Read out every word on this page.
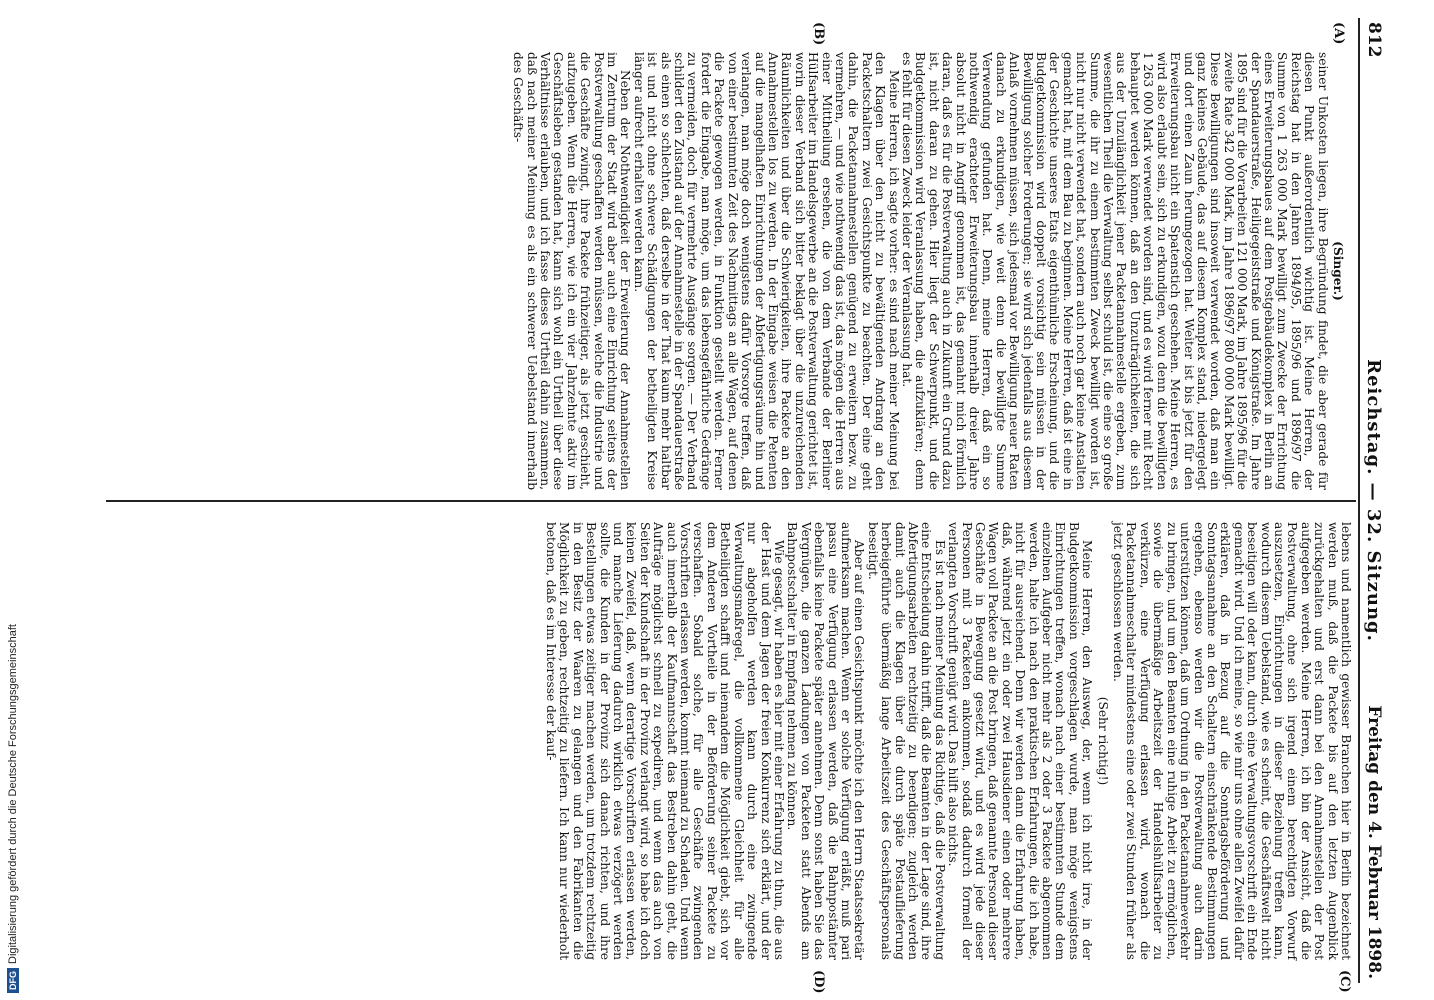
812
Reichstag. — 32. Sitzung.
Freitag den 4. Februar 1898.
(A)
(B)
(C)
(D)

(Singer.)

seiner Unkosten liegen, ihre Begründung findet, die aber gerade für diesen Punkt außerordentlich wichtig ist. Meine Herren, der Reichstag hat in den Jahren 1894/95, 1895/96 und 1896/97 die Summe von 1 263 000 Mark bewilligt zum Zwecke der Errichtung eines Erweiterungsbaues auf dem Postgebäudekomplex in Berlin an der Spandauerstraße, Heiligegeiststraße und Königstraße. Im Jahre 1895 sind für die Vorarbeiten 121 000 Mark, im Jahre 1895/96 für die zweite Rate 342 000 Mark, im Jahre 1896/97 800 000 Mark bewilligt. Diese Bewilligungen sind insoweit verwendet worden, daß man ein ganz kleines Gebäude, das auf diesem Komplex stand, niedergelegt und dort einen Zaun herumgezogen hat. Weiter ist bis jetzt für den Erweiterungsbau nicht ein Spatenstich geschehen. Meine Herren, es wird also erlaubt sein, sich zu erkundigen, wozu denn die bewilligten 1 263 000 Mark verwendet worden sind, und es wird ferner mit Recht behauptet werden können, daß an den Unzuträglichkeiten, die sich aus der Unzulänglichkeit jener Packetannahmestelle ergeben, zum wesentlichen Theil die Verwaltung selbst schuld ist, die eine so große Summe, die ihr zu einem bestimmten Zweck bewilligt worden ist, nicht nur nicht verwendet hat, sondern auch noch gar keine Anstalten gemacht hat, mit dem Bau zu beginnen. Meine Herren, daß ist eine in der Geschichte unseres Etats eigenthümliche Erscheinung, und die Budgetkommission wird doppelt vorsichtig sein müssen in der Bewilligung solcher Forderungen; sie wird sich jedenfalls aus diesem Anlaß vornehmen müssen, sich jedesmal vor Bewilligung neuer Raten danach zu erkundigen, wie weit denn die bewilligte Summe Verwendung gefunden hat. Denn, meine Herren, daß ein so nothwendig erachteter Erweiterungsbau innerhalb dreier Jahre absolut nicht in Angriff genommen ist, das gemahnt mich förmlich daran, daß es für die Postverwaltung auch in Zukunft ein Grund dazu ist, nicht daran zu gehen. Hier liegt der Schwerpunkt, und die Budgetkommission wird Veranlassung haben, die aufzuklären; denn es fehlt für diesen Zweck leider der Veranlassung hat.

Meine Herren, ich sagte vorher: es sind nach meiner Meinung bei den Klagen über den nicht zu bewältigenden Andrang an den Packetschaltern zwei Gesichtspunkte zu beachten. Der eine geht dahin, die Packetannahmestellen genügend zu erweitern bezw. zu vermehren, — und wie nothwendig das ist, das mögen die Herren aus einer Mittheilung ersehen, die von dem Verbande der Berliner Hülfsarbeiter im Handelsgewerbe an die Postverwaltung gerichtet ist, worin dieser Verband sich bitter beklagt über die unzureichenden Räumlichkeiten und über die Schwierigkeiten, ihre Packete an den Annahmestellen los zu werden. In der Eingabe weisen die Petenten auf die mangelhaften Einrichtungen der Abfertigungsräume hin und verlangen, man möge doch wenigstens dafür Vorsorge treffen, daß von einer bestimmten Zeit des Nachmittags an alle Wagen, auf denen die Packete gewogen werden, in Funktion gestellt werden. Ferner fordert die Eingabe, man möge, um das lebensgefährliche Gedränge zu vermeiden, doch für vermehrte Ausgänge sorgen. — Der Verband schildert den Zustand auf der Annahmestelle in der Spandauerstraße als einen so schlechten, daß derselbe in der That kaum mehr haltbar ist und nicht ohne schwere Schädigungen der betheiligten Kreise länger aufrecht erhalten werden kann.

Neben der Nothwendigkeit der Erweiterung der Annahmestellen im Zentrum der Stadt wird aber auch eine Einrichtung seitens der Postverwaltung geschaffen werden müssen, welche die Industrie und die Geschäfte zwingt, ihre Packete frühzeitiger, als jetzt geschieht, aufzugeben. Wenn die Herren, wie ich ein vier Jahrzehnte aktiv im Geschäftsleben gestanden hat, kann sich wohl ein Urtheil über diese Verhältnisse erlauben, und ich fasse dieses Urtheil dahin zusammen, daß nach meiner Meinung es als ein schwerer Uebelstand innerhalb des Geschäfts-

lebens und namentlich gewisser Branchen hier in Berlin bezeichnet werden muß, daß die Packete bis auf den letzten Augenblick zurückgehalten und erst dann bei den Annahmestellen der Post aufgegeben werden. Meine Herren, ich bin der Ansicht, daß die Postverwaltung, ohne sich irgend einem berechtigten Vorwurf auszusetzen, Einrichtungen in dieser Beziehung treffen kann, wodurch diesem Uebelstand, wie es scheint, die Geschäftswelt nicht beseitigen will oder kann, durch eine Verwaltungsvorschrift ein Ende gemacht wird. Und ich meine, so wie mir uns ohne allen Zweifel dafür erklären, daß in Bezug auf die Sonntagsbeförderung und Sonntagsannahme an den Schaltern einschränkende Bestimmungen ergehen, ebenso werden wir die Postverwaltung auch darin unterstützen können, daß um Ordnung in den Packetannahmeverkehr zu bringen, und um den Beamten eine ruhige Arbeit zu ermöglichen, sowie die übermäßige Arbeitszeit der Handelshülfsarbeiter zu verkürzen, eine Verfügung erlassen wird, wonach die Packetannahmeschalter mindestens eine oder zwei Stunden früher als jetzt geschlossen werden.

(Sehr richtig!)

Meine Herren, den Ausweg, der, wenn ich nicht irre, in der Budgetkommission vorgeschlagen wurde, man möge wenigstens Einrichtungen treffen, wonach nach einer bestimmten Stunde dem einzelnen Aufgeber nicht mehr als 2 oder 3 Packete abgenommen werden, halte ich nach den praktischen Erfahrungen, die ich habe, nicht für ausreichend. Denn wir werden dann die Erfahrung haben, daß, während jetzt ein oder zwei Hausdiener einen oder mehrere Wagen voll Packete an die Post bringen, daß genannte Personal dieser Geschäfte in Bewegung gesetzt wird, und es wird jede dieser Personen mit 3 Packeten ankommen, sodaß dadurch formell der verlangten Vorschrift genügt wird. Das hilft also nichts.

Es ist nach meiner Meinung das Richtige, daß die Postverwaltung eine Entscheidung dahin trifft, daß die Beamten in der Lage sind, ihre Abfertigungsarbeiten rechtzeitig zu beendigen; zugleich werden damit auch die Klagen über die durch späte Postauflieferung herbeigeführte übermäßig lange Arbeitszeit des Geschäftspersonals beseitigt.

Aber auf einen Gesichtspunkt möchte ich den Herrn Staatssekretär aufmerksam machen. Wenn er solche Verfügung erläßt, muß pari passu eine Verfügung erlassen werden, daß die Bahnpostämter ebenfalls keine Packete später annehmen. Denn sonst haben Sie das Vergnügen, die ganzen Ladungen von Packeten statt Abends am Bahnpostschalter in Empfang nehmen zu können.

Wie gesagt, wir haben es hier mit einer Erfahrung zu thun, die aus der Hast und dem Jagen der freien Konkurrenz sich erklärt, und der nur abgeholfen werden kann durch eine zwingende Verwaltungsmaßregel, die vollkommene Gleichheit für alle Betheiligten schafft und niemandem die Möglichkeit giebt, sich vor dem Anderen Vortheile in der Beförderung seiner Packete zu verschaffen. Sobald solche, für alle Geschäfte zwingenden Vorschriften erlassen werden, kommt niemand zu Schaden. Und wenn auch innerhalb der Kaufmannschaft das Bestreben dahin geht, die Aufträge möglichst schnell zu expediren, und wenn das auch von Seiten der Kundschaft in der Provinz verlangt wird, so habe ich doch keinen Zweifel, daß, wenn derartige Vorschriften erlassen werden, und manche Lieferung dadurch wirklich etwas verzögert werden sollte, die Kunden in der Provinz sich danach richten, und ihre Bestellungen etwas zeitiger machen werden, um trotzdem rechtzeitig in den Besitz der Waaren zu gelangen und den Fabrikanten die Möglichkeit zu geben, rechtzeitig zu liefern. Ich kann nur wiederholt betonen, daß es im Interesse der kauf-

DFGDigitalisierung gefördert durch die Deutsche Forschungsgemeinschaft
